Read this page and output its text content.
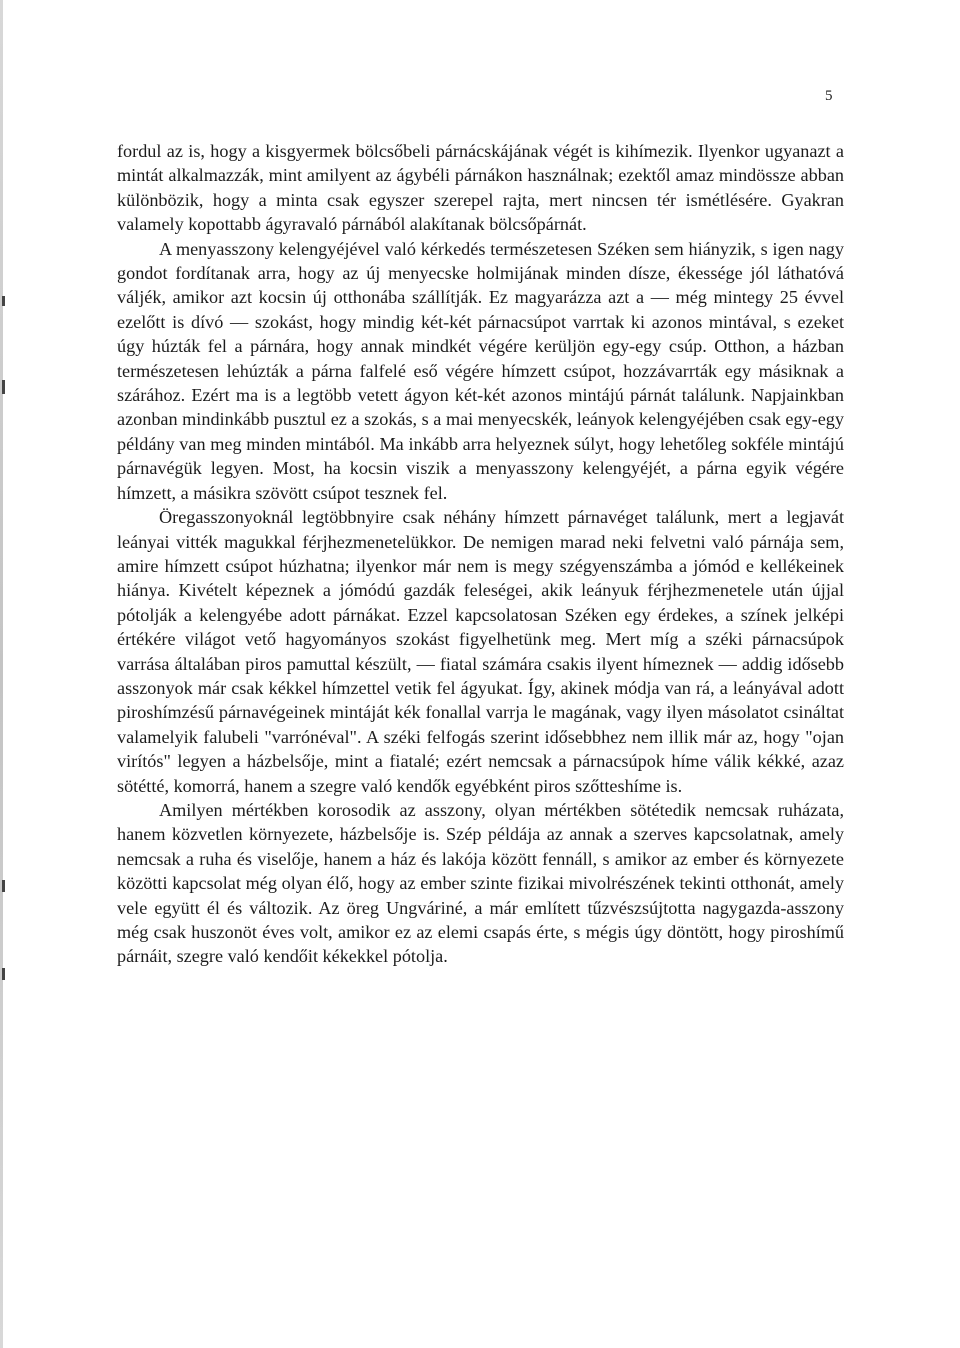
5

fordul az is, hogy a kisgyermek bölcsőbeli párnácskájának végét is kihímezik. Ilyenkor ugyanazt a mintát alkalmazzák, mint amilyent az ágybéli párnákon használnak; ezektől amaz mindössze abban különbözik, hogy a minta csak egyszer szerepel rajta, mert nincsen tér ismétlésére. Gyakran valamely kopottabb ágyravaló párnából alakítanak bölcsőpárnát.

A menyasszony kelengyéjével való kérkedés természetesen Széken sem hiányzik, s igen nagy gondot fordítanak arra, hogy az új menyecske holmijának minden dísze, ékessége jól láthatóvá váljék, amikor azt kocsin új otthonába szállítják. Ez magyarázza azt a — még mintegy 25 évvel ezelőtt is dívó — szokást, hogy mindig két-két párnacsúpot varrtak ki azonos mintával, s ezeket úgy húzták fel a párnára, hogy annak mindkét végére kerüljön egy-egy csúp. Otthon, a házban természetesen lehúzták a párna falfelé eső végére hímzett csúpot, hozzávarrták egy másiknak a szárához. Ezért ma is a legtöbb vetett ágyon két-két azonos mintájú párnát találunk. Napjainkban azonban mindinkább pusztul ez a szokás, s a mai menyecskék, leányok kelengyéjében csak egy-egy példány van meg minden mintából. Ma inkább arra helyeznek súlyt, hogy lehetőleg sokféle mintájú párnavégük legyen. Most, ha kocsin viszik a menyasszony kelengyéjét, a párna egyik végére hímzett, a másikra szövött csúpot tesznek fel.

Öregasszonyoknál legtöbbnyire csak néhány hímzett párnavéget találunk, mert a legjavát leányai vitték magukkal férjhezmenetelükkor. De nemigen marad neki felvetni való párnája sem, amire hímzett csúpot húzhatna; ilyenkor már nem is megy szégyenszámba a jómód e kellékeinek hiánya. Kivételt képeznek a jómódú gazdák feleségei, akik leányuk férjhezmenetele után újjal pótolják a kelengyébe adott párnákat. Ezzel kapcsolatosan Széken egy érdekes, a színek jelképi értékére világot vető hagyományos szokást figyelhetünk meg. Mert míg a széki párnacsúpok varrása általában piros pamuttal készült, — fiatal számára csakis ilyent hímeznek — addig idősebb asszonyok már csak kékkel hímzettel vetik fel ágyukat. Így, akinek módja van rá, a leányával adott piroshímzésű párnavégeinek mintáját kék fonallal varrja le magának, vagy ilyen másolatot csináltat valamelyik falubeli "varrónéval". A széki felfogás szerint idősebbhez nem illik már az, hogy "ojan virítós" legyen a házbelsője, mint a fiatalé; ezért nemcsak a párnacsúpok híme válik kékké, azaz sötétté, komorrá, hanem a szegre való kendők egyébként piros szőtteshíme is.

Amilyen mértékben korosodik az asszony, olyan mértékben sötétedik nemcsak ruházata, hanem közvetlen környezete, házbelsője is. Szép példája az annak a szerves kapcsolatnak, amely nemcsak a ruha és viselője, hanem a ház és lakója között fennáll, s amikor az ember és környezete közötti kapcsolat még olyan élő, hogy az ember szinte fizikai mivolrészének tekinti otthonát, amely vele együtt él és változik. Az öreg Ungváriné, a már említett tűzvészsújtotta nagygazda-asszony még csak huszonöt éves volt, amikor ez az elemi csapás érte, s mégis úgy döntött, hogy piroshímű párnáit, szegre való kendőit kékekkel pótolja.
